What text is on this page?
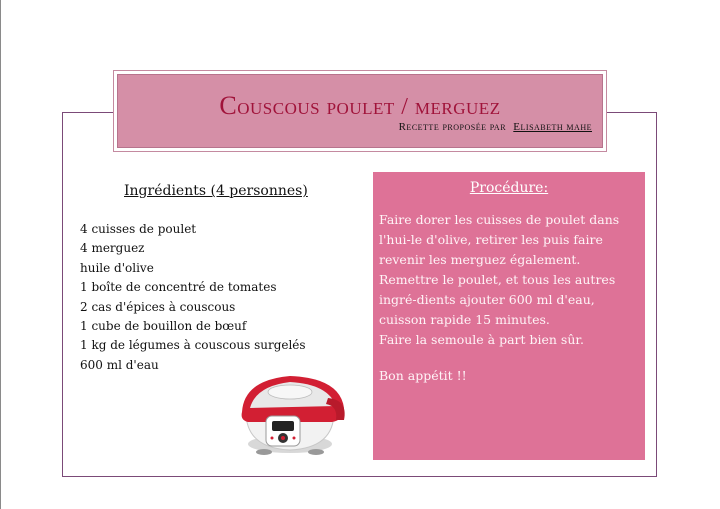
Couscous poulet / merguez
Recette proposée par Elisabeth mahe
Ingrédients (4 personnes)
4 cuisses de poulet
4 merguez
huile d'olive
1 boîte de concentré de tomates
2 cas d'épices à couscous
1 cube de bouillon de bœuf
1 kg de légumes à couscous surgelés
600 ml d'eau
Procédure:

Faire dorer les cuisses de poulet dans l'hui-le d'olive, retirer les puis faire revenir les merguez également.

Remettre le poulet, et tous les autres ingré-dients ajouter 600 ml d'eau, cuisson rapide 15 minutes.

Faire la semoule à part bien sûr.

Bon appétit !!
